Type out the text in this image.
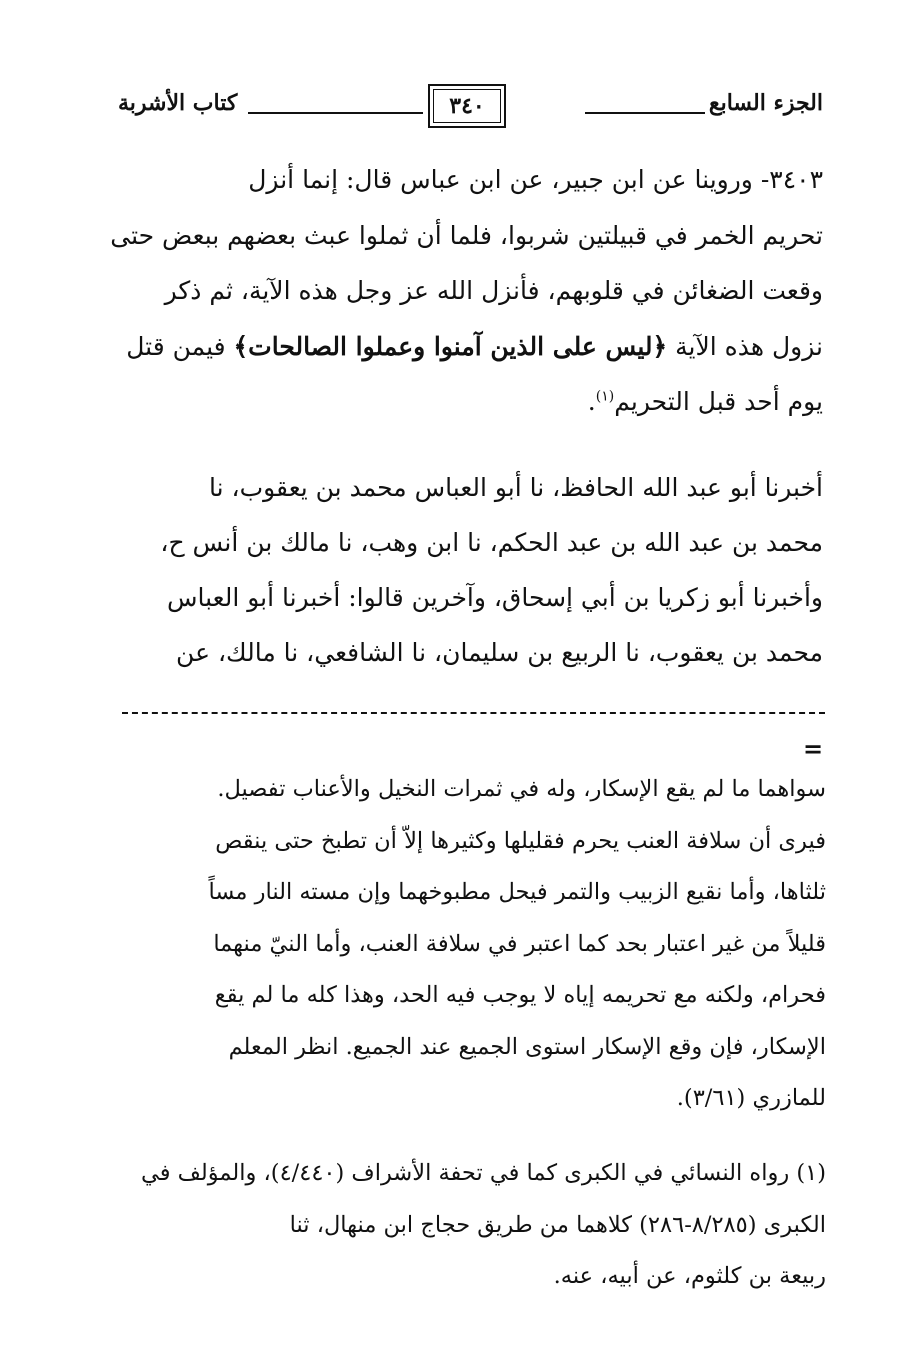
الجزء السابع
٣٤٠
كتاب الأشربة

٣٤٠٣- وروينا عن ابن جبير، عن ابن عباس قال: إنما أنزل

تحريم الخمر في قبيلتين شربوا، فلما أن ثملوا عبث بعضهم ببعض حتى

وقعت الضغائن في قلوبهم، فأنزل الله عز وجل هذه الآية، ثم ذكر

نزول هذه الآية ﴿ليس على الذين آمنوا وعملوا الصالحات﴾ فيمن قتل

يوم أحد قبل التحريم$^{(١)}$.

أخبرنا أبو عبد الله الحافظ، نا أبو العباس محمد بن يعقوب، نا

محمد بن عبد الله بن عبد الحكم، نا ابن وهب، نا مالك بن أنس ح،

وأخبرنا أبو زكريا بن أبي إسحاق، وآخرين قالوا: أخبرنا أبو العباس

محمد بن يعقوب، نا الربيع بن سليمان، نا الشافعي، نا مالك، عن

=

سواهما ما لم يقع الإسكار، وله في ثمرات النخيل والأعناب تفصيل.

فيرى أن سلافة العنب يحرم فقليلها وكثيرها إلاّ أن تطبخ حتى ينقص

ثلثاها، وأما نقيع الزبيب والتمر فيحل مطبوخهما وإن مسته النار مساً

قليلاً من غير اعتبار بحد كما اعتبر في سلافة العنب، وأما النيّ منهما

فحرام، ولكنه مع تحريمه إياه لا يوجب فيه الحد، وهذا كله ما لم يقع

الإسكار، فإن وقع الإسكار استوى الجميع عند الجميع. انظر المعلم

للمازري (٣/٦١).

(١) رواه النسائي في الكبرى كما في تحفة الأشراف (٤/٤٤٠)، والمؤلف في

الكبرى (٨/٢٨٥-٢٨٦) كلاهما من طريق حجاج ابن منهال، ثنا

ربيعة بن كلثوم، عن أبيه، عنه.
